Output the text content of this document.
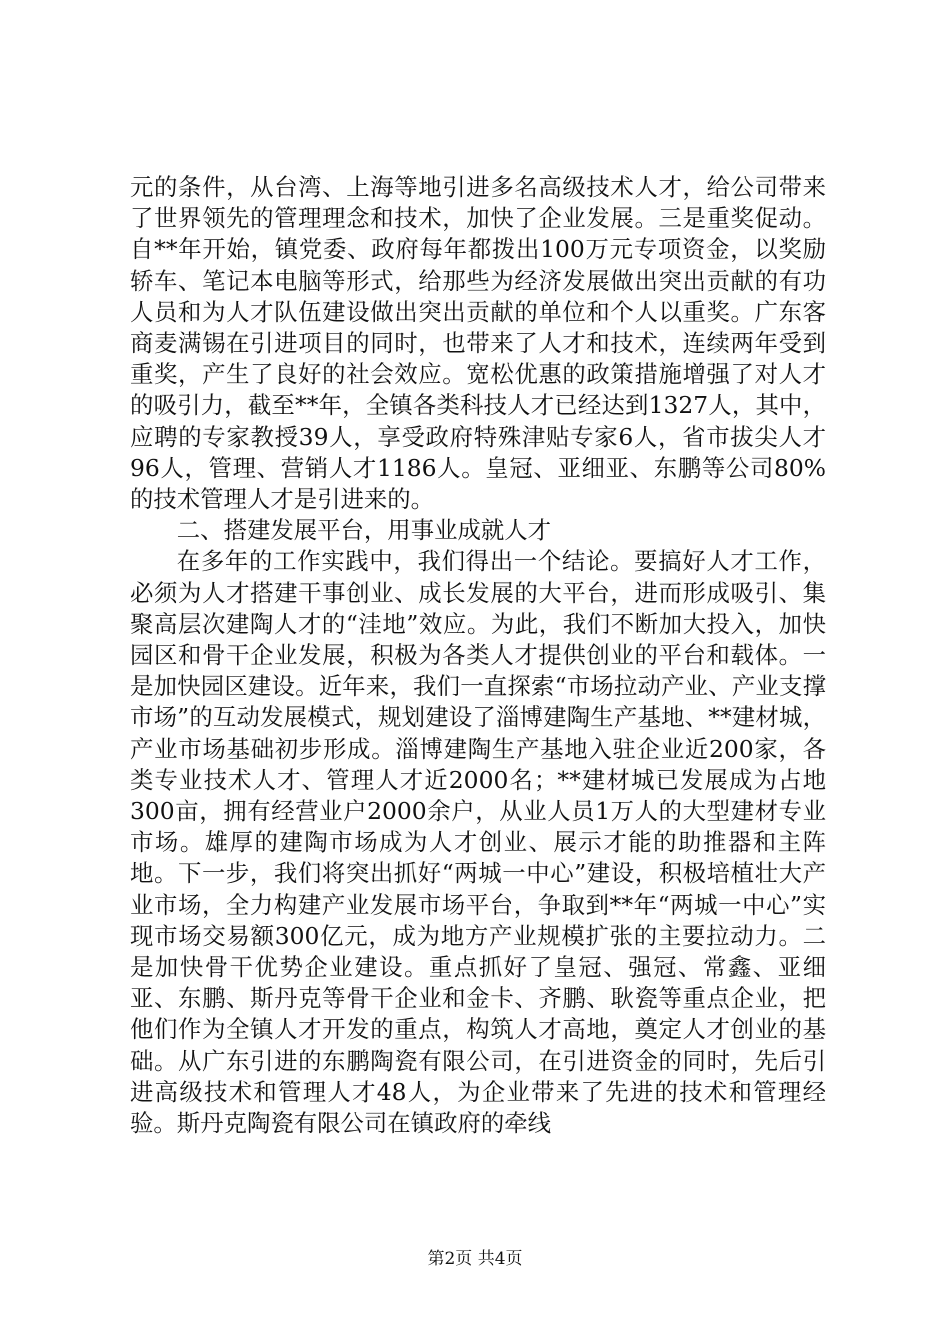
元的条件，从台湾、上海等地引进多名高级技术人才，给公司带来了世界领先的管理理念和技术，加快了企业发展。三是重奖促动。自**年开始，镇党委、政府每年都拨出100万元专项资金，以奖励轿车、笔记本电脑等形式，给那些为经济发展做出突出贡献的有功人员和为人才队伍建设做出突出贡献的单位和个人以重奖。广东客商麦满锡在引进项目的同时，也带来了人才和技术，连续两年受到重奖，产生了良好的社会效应。宽松优惠的政策措施增强了对人才的吸引力，截至**年，全镇各类科技人才已经达到1327人，其中，应聘的专家教授39人，享受政府特殊津贴专家6人，省市拔尖人才96人，管理、营销人才1186人。皇冠、亚细亚、东鹏等公司80%的技术管理人才是引进来的。

二、搭建发展平台，用事业成就人才

在多年的工作实践中，我们得出一个结论。要搞好人才工作，必须为人才搭建干事创业、成长发展的大平台，进而形成吸引、集聚高层次建陶人才的“洼地”效应。为此，我们不断加大投入，加快园区和骨干企业发展，积极为各类人才提供创业的平台和载体。一是加快园区建设。近年来，我们一直探索“市场拉动产业、产业支撑市场”的互动发展模式，规划建设了淄博建陶生产基地、**建材城，产业市场基础初步形成。淄博建陶生产基地入驻企业近200家，各类专业技术人才、管理人才近2000名；**建材城已发展成为占地300亩，拥有经营业户2000余户，从业人员1万人的大型建材专业市场。雄厚的建陶市场成为人才创业、展示才能的助推器和主阵地。下一步，我们将突出抓好“两城一中心”建设，积极培植壮大产业市场，全力构建产业发展市场平台，争取到**年“两城一中心”实现市场交易额300亿元，成为地方产业规模扩张的主要拉动力。二是加快骨干优势企业建设。重点抓好了皇冠、强冠、常鑫、亚细亚、东鹏、斯丹克等骨干企业和金卡、齐鹏、耿瓷等重点企业，把他们作为全镇人才开发的重点，构筑人才高地，奠定人才创业的基础。从广东引进的东鹏陶瓷有限公司，在引进资金的同时，先后引进高级技术和管理人才48人，为企业带来了先进的技术和管理经验。斯丹克陶瓷有限公司在镇政府的牵线

第2页 共4页
